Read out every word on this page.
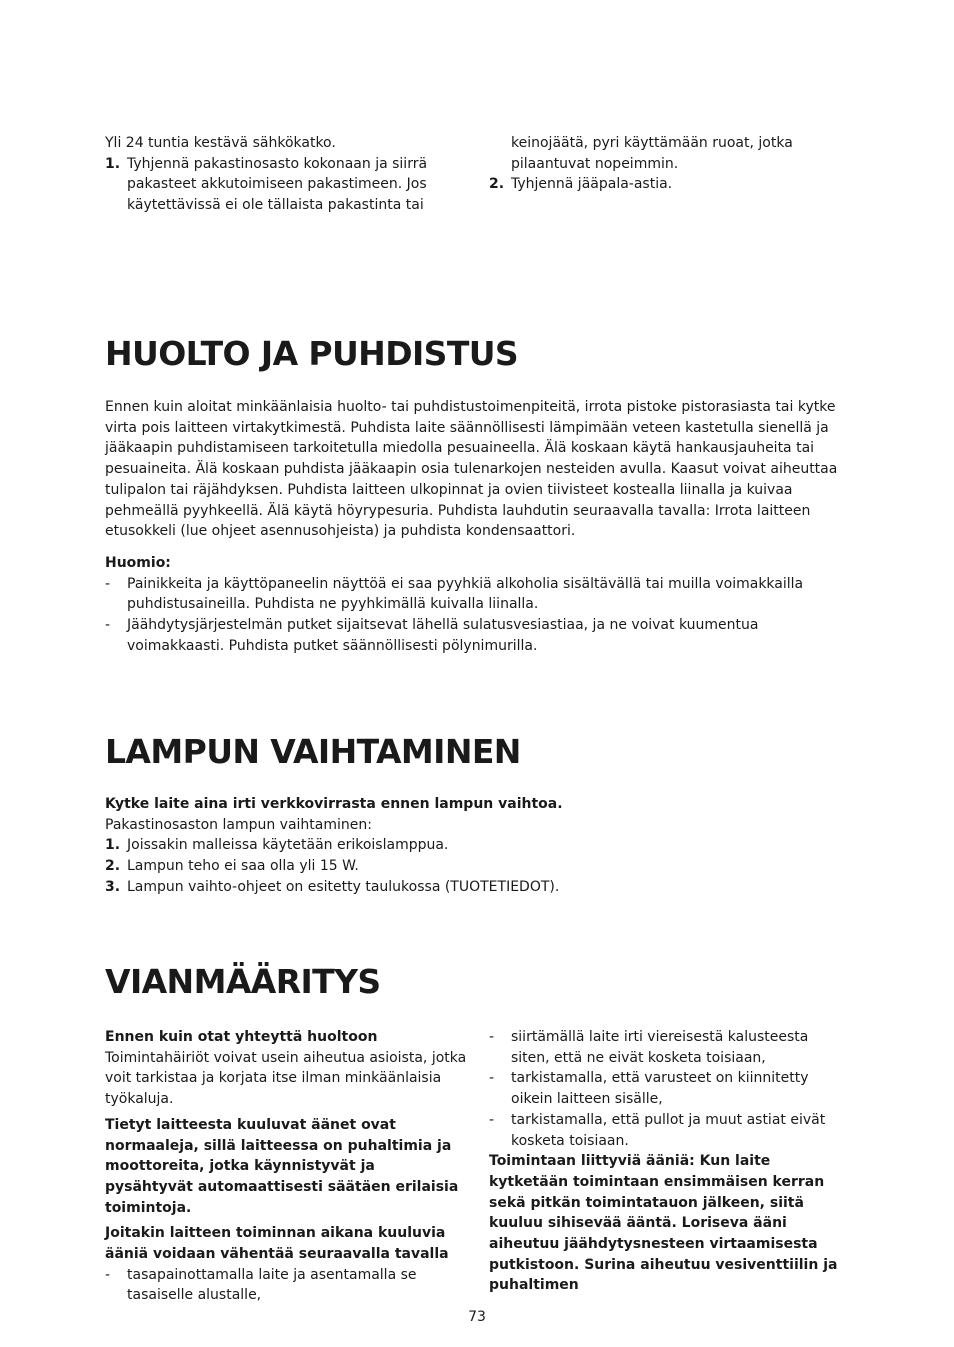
Yli 24 tuntia kestävä sähkökatko.

1. Tyhjennä pakastinosasto kokonaan ja siirrä pakasteet akkutoimiseen pakastimeen. Jos käytettävissä ei ole tällaista pakastinta tai

keinojäätä, pyri käyttämään ruoat, jotka pilaantuvat nopeimmin.

2. Tyhjennä jääpala-astia.
HUOLTO JA PUHDISTUS

Ennen kuin aloitat minkäänlaisia huolto- tai puhdistustoimenpiteitä, irrota pistoke pistorasiasta tai kytke virta pois laitteen virtakytkimestä. Puhdista laite säännöllisesti lämpimään veteen kastetulla sienellä ja jääkaapin puhdistamiseen tarkoitetulla miedolla pesuaineella. Älä koskaan käytä hankausjauheita tai pesuaineita. Älä koskaan puhdista jääkaapin osia tulenarkojen nesteiden avulla. Kaasut voivat aiheuttaa tulipalon tai räjähdyksen. Puhdista laitteen ulkopinnat ja ovien tiivisteet kostealla liinalla ja kuivaa pehmeällä pyyhkeellä. Älä käytä höyrypesuria. Puhdista lauhdutin seuraavalla tavalla: Irrota laitteen etusokkeli (lue ohjeet asennusohjeista) ja puhdista kondensaattori.

Huomio:

- Painikkeita ja käyttöpaneelin näyttöä ei saa pyyhkiä alkoholia sisältävällä tai muilla voimakkailla puhdistusaineilla. Puhdista ne pyyhkimällä kuivalla liinalla.
- Jäähdytysjärjestelmän putket sijaitsevat lähellä sulatusvesiastiaa, ja ne voivat kuumentua voimakkaasti. Puhdista putket säännöllisesti pölynimurilla.
LAMPUN VAIHTAMINEN

Kytke laite aina irti verkkovirrasta ennen lampun vaihtoa.

Pakastinosaston lampun vaihtaminen:

1. Joissakin malleissa käytetään erikoislamppua.
2. Lampun teho ei saa olla yli 15 W.
3. Lampun vaihto-ohjeet on esitetty taulukossa (TUOTETIEDOT).
VIANMÄÄRITYS

Ennen kuin otat yhteyttä huoltoon

Toimintahäiriöt voivat usein aiheutua asioista, jotka voit tarkistaa ja korjata itse ilman minkäänlaisia työkaluja.

Tietyt laitteesta kuuluvat äänet ovat normaaleja, sillä laitteessa on puhaltimia ja moottoreita, jotka käynnistyvät ja pysähtyvät automaattisesti säätäen erilaisia toimintoja.

Joitakin laitteen toiminnan aikana kuuluvia ääniä voidaan vähentää seuraavalla tavalla

- tasapainottamalla laite ja asentamalla se tasaiselle alustalle,
- siirtämällä laite irti viereisestä kalusteesta siten, että ne eivät kosketa toisiaan,
- tarkistamalla, että varusteet on kiinnitetty oikein laitteen sisälle,
- tarkistamalla, että pullot ja muut astiat eivät kosketa toisiaan.

Toimintaan liittyviä ääniä: Kun laite kytketään toimintaan ensimmäisen kerran sekä pitkän toimintatauon jälkeen, siitä kuuluu sihisevää ääntä. Loriseva ääni aiheutuu jäähdytysnesteen virtaamisesta putkistoon. Surina aiheutuu vesiventtiilin ja puhaltimen

73
